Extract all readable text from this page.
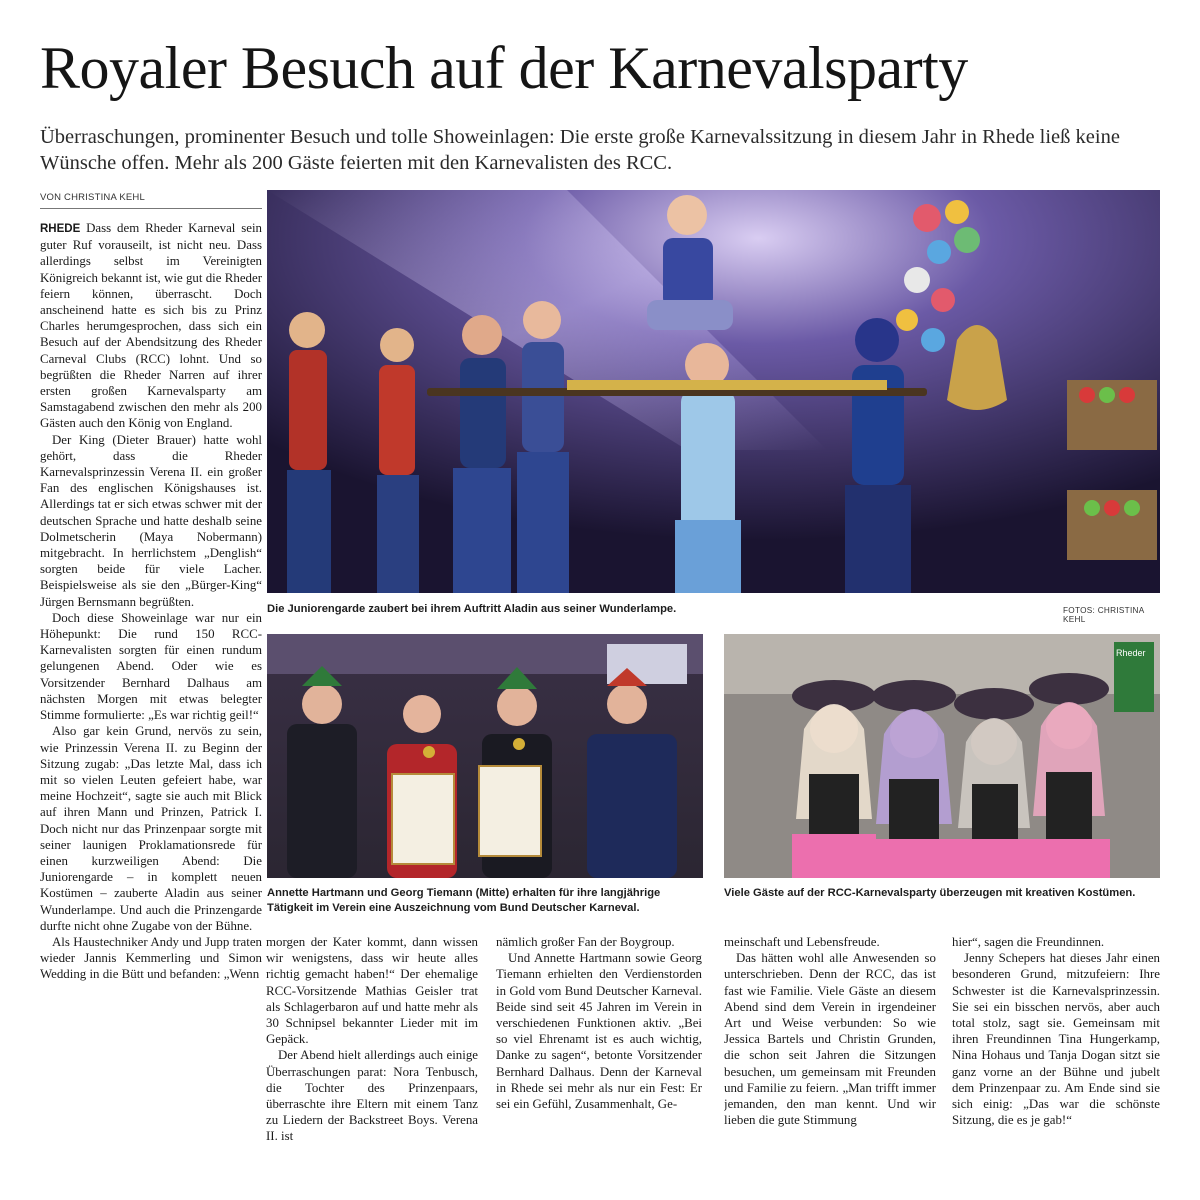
Royaler Besuch auf der Karnevalsparty
Überraschungen, prominenter Besuch und tolle Showeinlagen: Die erste große Karnevalssitzung in diesem Jahr in Rhede ließ keine Wünsche offen. Mehr als 200 Gäste feierten mit den Karnevalisten des RCC.
VON CHRISTINA KEHL

RHEDE Dass dem Rheder Karneval sein guter Ruf vorauseilt, ist nicht neu. Dass allerdings selbst im Vereinigten Königreich bekannt ist, wie gut die Rheder feiern können, überrascht. Doch anscheinend hatte es sich bis zu Prinz Charles herumgesprochen, dass sich ein Besuch auf der Abendsitzung des Rheder Carneval Clubs (RCC) lohnt. Und so begrüßten die Rheder Narren auf ihrer ersten großen Karnevalsparty am Samstagabend zwischen den mehr als 200 Gästen auch den König von England.

Der King (Dieter Brauer) hatte wohl gehört, dass die Rheder Karnevalsprinzessin Verena II. ein großer Fan des englischen Königshauses ist. Allerdings tat er sich etwas schwer mit der deutschen Sprache und hatte deshalb seine Dolmetscherin (Maya Nobermann) mitgebracht. In herrlichstem „Denglish“ sorgten beide für viele Lacher. Beispielsweise als sie den „Bürger-King“ Jürgen Bernsmann begrüßten.

Doch diese Showeinlage war nur ein Höhepunkt: Die rund 150 RCC-Karnevalisten sorgten für einen rundum gelungenen Abend. Oder wie es Vorsitzender Bernhard Dalhaus am nächsten Morgen mit etwas belegter Stimme formulierte: „Es war richtig geil!“

Also gar kein Grund, nervös zu sein, wie Prinzessin Verena II. zu Beginn der Sitzung zugab: „Das letzte Mal, dass ich mit so vielen Leuten gefeiert habe, war meine Hochzeit“, sagte sie auch mit Blick auf ihren Mann und Prinzen, Patrick I. Doch nicht nur das Prinzenpaar sorgte mit seiner launigen Proklamationsrede für einen kurzweiligen Abend: Die Juniorengarde – in komplett neuen Kostümen – zauberte Aladin aus seiner Wunderlampe. Und auch die Prinzengarde durfte nicht ohne Zugabe von der Bühne.

Als Haustechniker Andy und Jupp traten wieder Jannis Kemmerling und Simon Wedding in die Bütt und befanden: „Wenn

Die Juniorengarde zaubert bei ihrem Auftritt Aladin aus seiner Wunderlampe.	FOTOS: CHRISTINA KEHL
Annette Hartmann und Georg Tiemann (Mitte) erhalten für ihre langjährige Tätigkeit im Verein eine Auszeichnung vom Bund Deutscher Karneval.
Rheder
Viele Gäste auf der RCC-Karnevalsparty überzeugen mit kreativen Kostümen.

morgen der Kater kommt, dann wissen wir wenigstens, dass wir heute alles richtig gemacht haben!“ Der ehemalige RCC-Vorsitzende Mathias Geisler trat als Schlagerbaron auf und hatte mehr als 30 Schnipsel bekannter Lieder mit im Gepäck.

Der Abend hielt allerdings auch einige Überraschungen parat: Nora Tenbusch, die Tochter des Prinzenpaars, überraschte ihre Eltern mit einem Tanz zu Liedern der Backstreet Boys. Verena II. ist

nämlich großer Fan der Boygroup.

Und Annette Hartmann sowie Georg Tiemann erhielten den Verdienstorden in Gold vom Bund Deutscher Karneval. Beide sind seit 45 Jahren im Verein in verschiedenen Funktionen aktiv. „Bei so viel Ehrenamt ist es auch wichtig, Danke zu sagen“, betonte Vorsitzender Bernhard Dalhaus. Denn der Karneval in Rhede sei mehr als nur ein Fest: Er sei ein Gefühl, Zusammenhalt, Ge-

meinschaft und Lebensfreude.

Das hätten wohl alle Anwesenden so unterschrieben. Denn der RCC, das ist fast wie Familie. Viele Gäste an diesem Abend sind dem Verein in irgendeiner Art und Weise verbunden: So wie Jessica Bartels und Christin Grunden, die schon seit Jahren die Sitzungen besuchen, um gemeinsam mit Freunden und Familie zu feiern. „Man trifft immer jemanden, den man kennt. Und wir lieben die gute Stimmung

hier“, sagen die Freundinnen.

Jenny Schepers hat dieses Jahr einen besonderen Grund, mitzufeiern: Ihre Schwester ist die Karnevalsprinzessin. Sie sei ein bisschen nervös, aber auch total stolz, sagt sie. Gemeinsam mit ihren Freundinnen Tina Hungerkamp, Nina Hohaus und Tanja Dogan sitzt sie ganz vorne an der Bühne und jubelt dem Prinzenpaar zu. Am Ende sind sie sich einig: „Das war die schönste Sitzung, die es je gab!“
